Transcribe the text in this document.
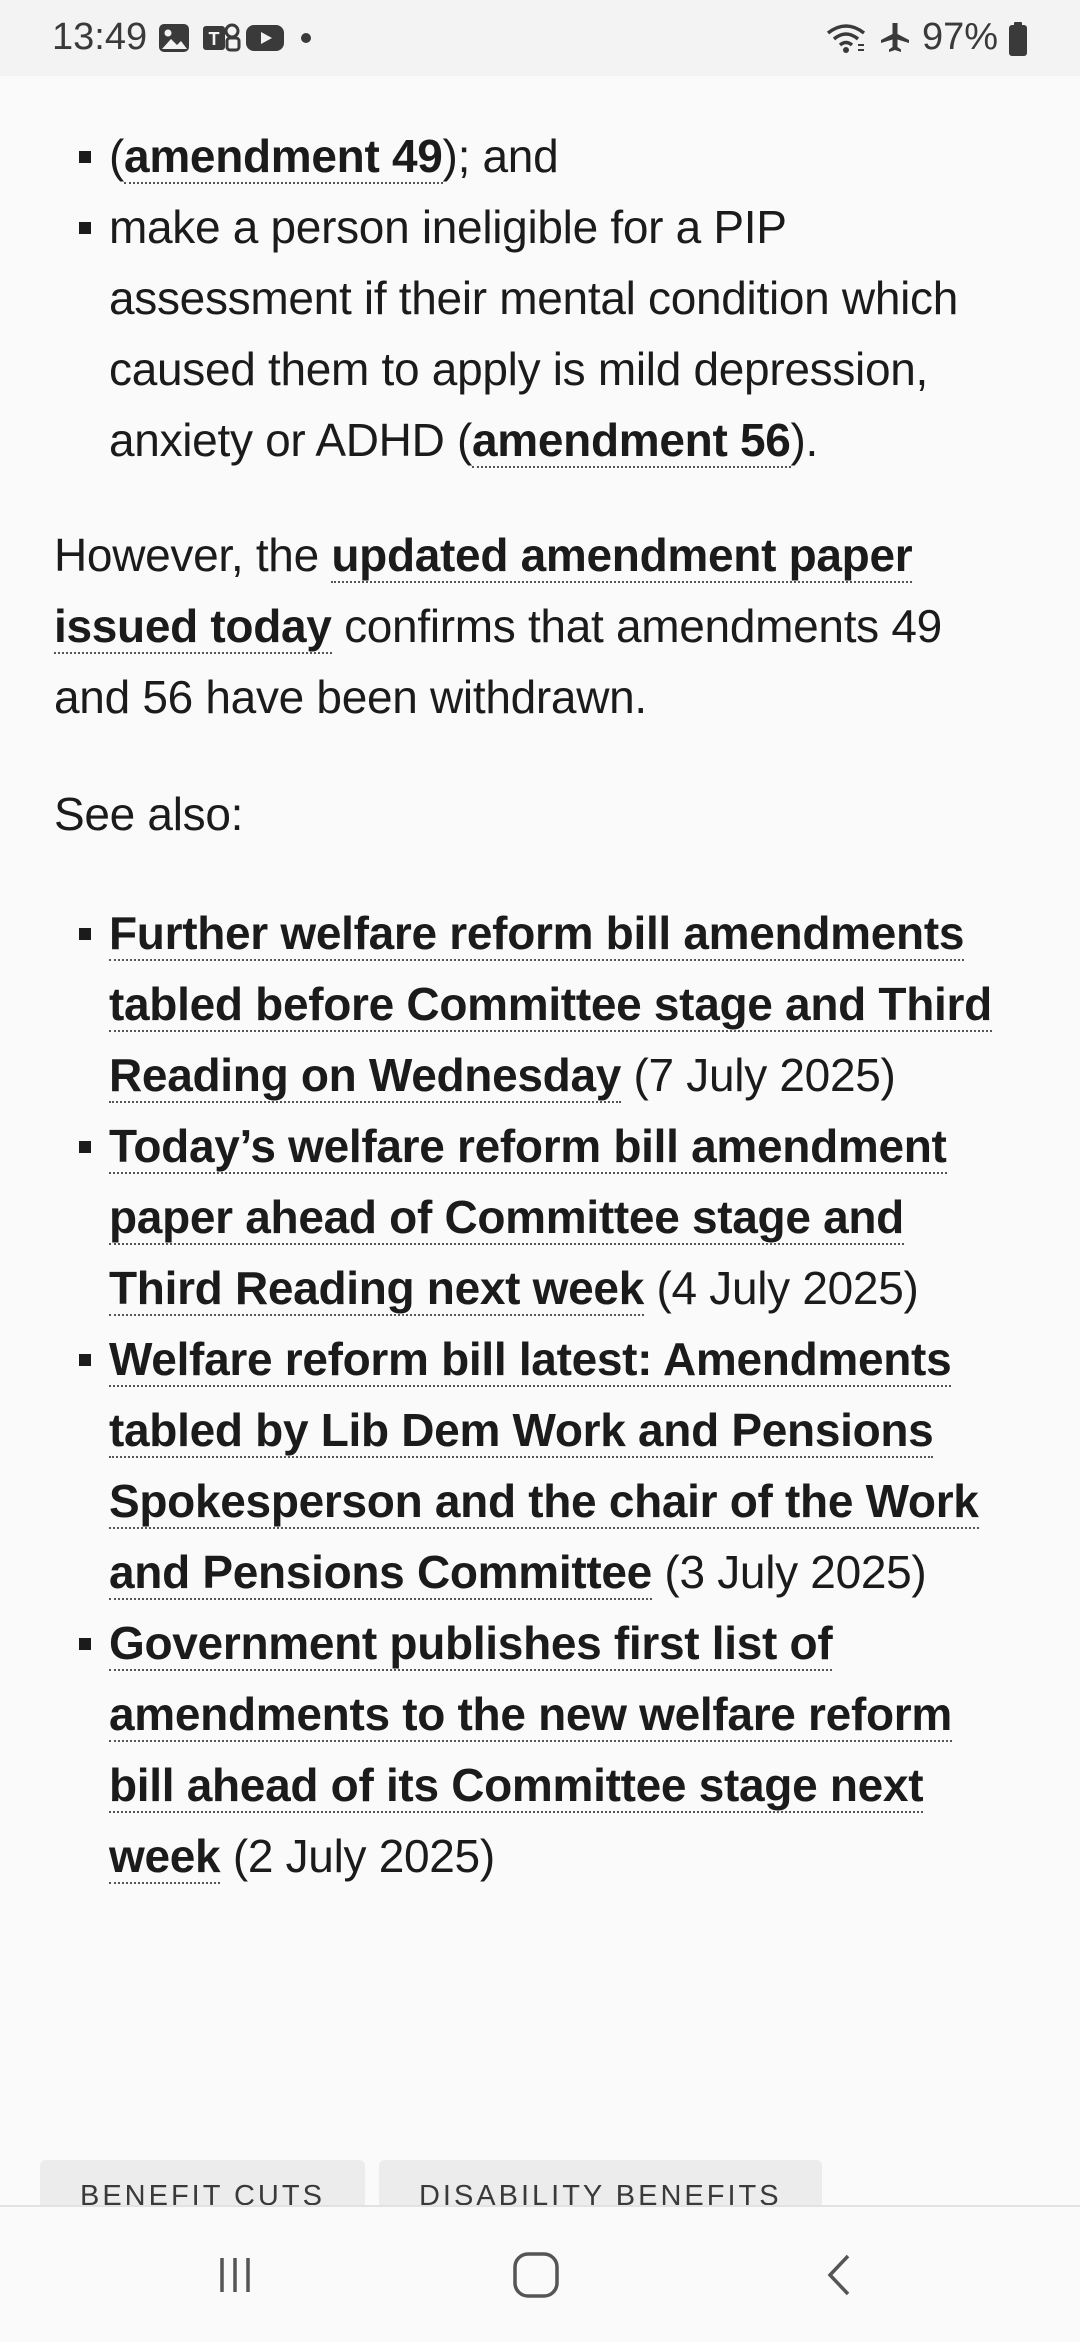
(amendment 49); and
make a person ineligible for a PIP assessment if their mental condition which caused them to apply is mild depression, anxiety or ADHD (amendment 56).

However, the updated amendment paper issued today confirms that amendments 49 and 56 have been withdrawn.

See also:

Further welfare reform bill amendments tabled before Committee stage and Third Reading on Wednesday (7 July 2025)
Today’s welfare reform bill amendment paper ahead of Committee stage and Third Reading next week (4 July 2025)
Welfare reform bill latest: Amendments tabled by Lib Dem Work and Pensions Spokesperson and the chair of the Work and Pensions Committee (3 July 2025)
Government publishes first list of amendments to the new welfare reform bill ahead of its Committee stage next week (2 July 2025)
BENEFIT CUTS	DISABILITY BENEFITS
13:49	T	97%
